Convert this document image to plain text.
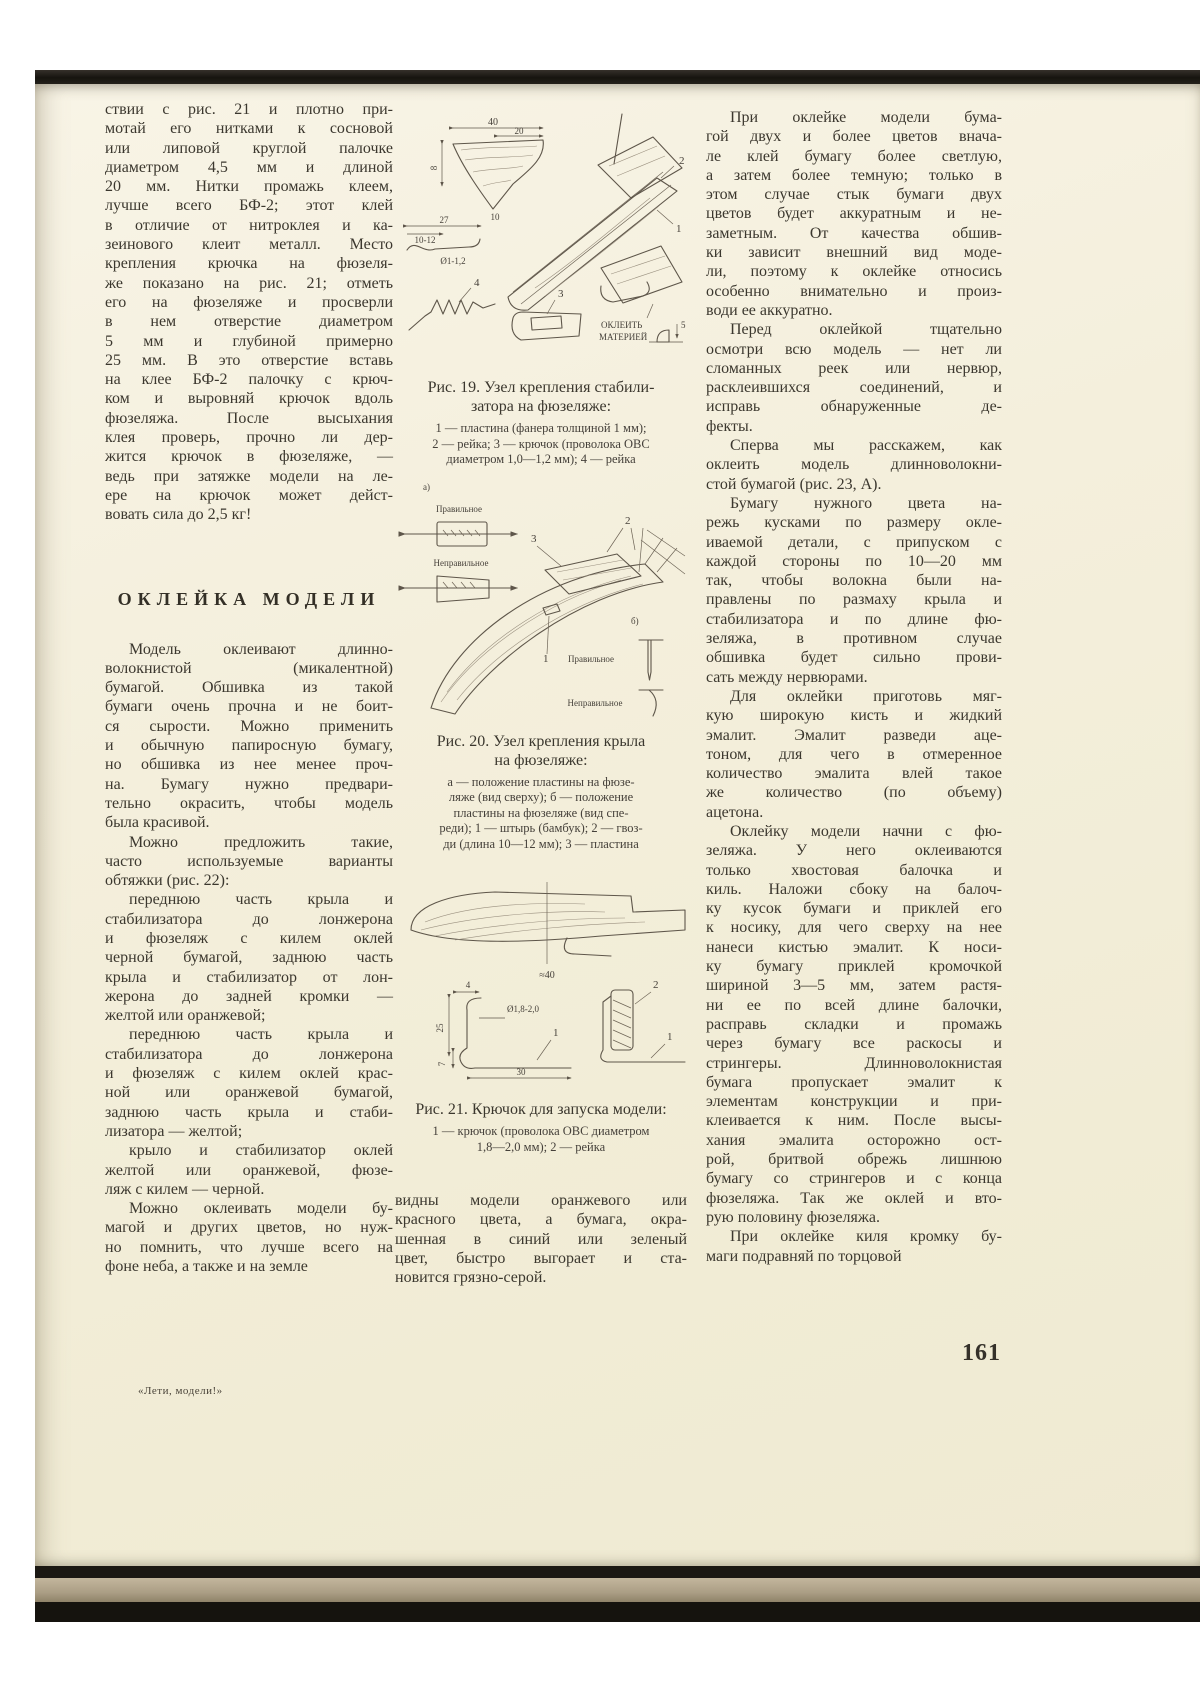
ствии с рис. 21 и плотно при-
мотай его нитками к сосновой
или липовой круглой палочке
диаметром 4,5 мм и длиной
20 мм. Нитки промажь клеем,
лучше всего БФ-2; этот клей
в отличие от нитроклея и ка-
зеинового клеит металл. Место
крепления крючка на фюзеля-
же показано на рис. 21; отметь
его на фюзеляже и просверли
в нем отверстие диаметром
5 мм и глубиной примерно
25 мм. В это отверстие вставь
на клее БФ-2 палочку с крюч-
ком и выровняй крючок вдоль
фюзеляжа. После высыхания
клея проверь, прочно ли дер-
жится крючок в фюзеляже, —
ведь при затяжке модели на ле-
ере на крючок может дейст-
вовать сила до 2,5 кг!
ОКЛЕЙКА МОДЕЛИ
Модель оклеивают длинно-
волокнистой (микалентной)
бумагой. Обшивка из такой
бумаги очень прочна и не боит-
ся сырости. Можно применить
и обычную папиросную бумагу,
но обшивка из нее менее проч-
на. Бумагу нужно предвари-
тельно окрасить, чтобы модель
была красивой.
Можно предложить такие,
часто используемые варианты
обтяжки (рис. 22):
переднюю часть крыла и
стабилизатора до лонжерона
и фюзеляж с килем оклей
черной бумагой, заднюю часть
крыла и стабилизатор от лон-
жерона до задней кромки —
желтой или оранжевой;
переднюю часть крыла и
стабилизатора до лонжерона
и фюзеляж с килем оклей крас-
ной или оранжевой бумагой,
заднюю часть крыла и стаби-
лизатора — желтой;
крыло и стабилизатор оклей
желтой или оранжевой, фюзе-
ляж с килем — черной.
Можно оклеивать модели бу-
магой и других цветов, но нуж-
но помнить, что лучше всего на
фоне неба, а также и на земле
40
20
8
10
27
10-12
Ø1-1,2
2
1
4
3
ОКЛЕИТЬ
МАТЕРИЕЙ
5
Рис. 19. Узел крепления стабили-
затора на фюзеляже:
1 — пластина (фанера толщиной 1 мм);
2 — рейка; 3 — крючок (проволока ОВС
диаметром 1,0—1,2 мм); 4 — рейка
а)
Правильное
Неправильное
2
3
1
б)
Правильное
Неправильное
Рис. 20. Узел крепления крыла
на фюзеляже:
а — положение пластины на фюзе-
ляже (вид сверху); б — положение
пластины на фюзеляже (вид спе-
реди); 1 — штырь (бамбук); 2 — гвоз-
ди (длина 10—12 мм); 3 — пластина
≈40
4
25
7
30
Ø1,8-2,0
1
2
1
Рис. 21. Крючок для запуска модели:
1 — крючок (проволока ОВС диаметром
1,8—2,0 мм); 2 — рейка
видны модели оранжевого или
красного цвета, а бумага, окра-
шенная в синий или зеленый
цвет, быстро выгорает и ста-
новится грязно-серой.
При оклейке модели бума-
гой двух и более цветов внача-
ле клей бумагу более светлую,
а затем более темную; только в
этом случае стык бумаги двух
цветов будет аккуратным и не-
заметным. От качества обшив-
ки зависит внешний вид моде-
ли, поэтому к оклейке относись
особенно внимательно и произ-
води ее аккуратно.
Перед оклейкой тщательно
осмотри всю модель — нет ли
сломанных реек или нервюр,
расклеившихся соединений, и
исправь обнаруженные де-
фекты.
Сперва мы расскажем, как
оклеить модель длинноволокни-
стой бумагой (рис. 23, А).
Бумагу нужного цвета на-
режь кусками по размеру окле-
иваемой детали, с припуском с
каждой стороны по 10—20 мм
так, чтобы волокна были на-
правлены по размаху крыла и
стабилизатора и по длине фю-
зеляжа, в противном случае
обшивка будет сильно прови-
сать между нервюрами.
Для оклейки приготовь мяг-
кую широкую кисть и жидкий
эмалит. Эмалит разведи аце-
тоном, для чего в отмеренное
количество эмалита влей такое
же количество (по объему)
ацетона.
Оклейку модели начни с фю-
зеляжа. У него оклеиваются
только хвостовая балочка и
киль. Наложи сбоку на балоч-
ку кусок бумаги и приклей его
к носику, для чего сверху на нее
нанеси кистью эмалит. К носи-
ку бумагу приклей кромочкой
шириной 3—5 мм, затем растя-
ни ее по всей длине балочки,
расправь складки и промажь
через бумагу все раскосы и
стрингеры. Длинноволокнистая
бумага пропускает эмалит к
элементам конструкции и при-
клеивается к ним. После высы-
хания эмалита осторожно ост-
рой, бритвой обрежь лишнюю
бумагу со стрингеров и с конца
фюзеляжа. Так же оклей и вто-
рую половину фюзеляжа.
При оклейке киля кромку бу-
маги подравняй по торцовой
«Лети, модели!»
161
